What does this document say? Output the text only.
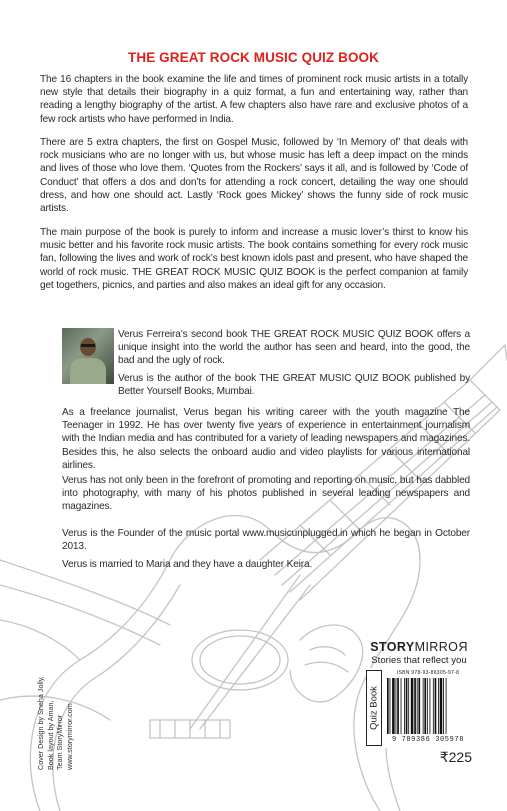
THE GREAT ROCK MUSIC QUIZ BOOK

The 16 chapters in the book examine the life and times of prominent rock music artists in a totally new style that details their biography in a quiz format, a fun and entertaining way, rather than reading a lengthy biography of the artist. A few chapters also have rare and exclusive photos of a few rock artists who have performed in India.

There are 5 extra chapters, the first on Gospel Music, followed by ‘In Memory of’ that deals with rock musicians who are no longer with us, but whose music has left a deep impact on the minds and lives of those who love them. ‘Quotes from the Rockers’ says it all, and is followed by ‘Code of Conduct’ that offers a dos and don’ts for attending a rock concert, detailing the way one should dress, and how one should act. Lastly ‘Rock goes Mickey’ shows the funny side of rock music artists.

The main purpose of the book is purely to inform and increase a music lover’s thirst to know his music better and his favorite rock music artists. The book contains something for every rock music fan, following the lives and work of rock’s best known idols past and present, who have shaped the world of rock music. THE GREAT ROCK MUSIC QUIZ BOOK is the perfect companion at family get togethers, picnics, and parties and also makes an ideal gift for any occasion.

Verus Ferreira’s second book THE GREAT ROCK MUSIC QUIZ BOOK offers a unique insight into the world the author has seen and heard, into the good, the bad and the ugly of rock.

Verus is the author of the book THE GREAT MUSIC QUIZ BOOK published by Better Yourself Books, Mumbai.

As a freelance journalist, Verus began his writing career with the youth magazine The Teenager in 1992. He has over twenty five years of experience in entertainment journalism with the Indian media and has contributed for a variety of leading newspapers and magazines. Besides this, he also selects the onboard audio and video playlists for various international airlines.

Verus has not only been in the forefront of promoting and reporting on music, but has dabbled into photography, with many of his photos published in several leading newspapers and magazines.

Verus is the Founder of the music portal www.musicunplugged.in which he began in October 2013.

Verus is married to Maria and they have a daughter Keira.

Cover Design by Sneha Jolly, Book layout by Aman, Team StoryMirror www.storymirror.com

STORYMIRROR

Stories that reflect you

Quiz Book
ISBN 978-93-86305-97-8
9 789386 305978

₹225
